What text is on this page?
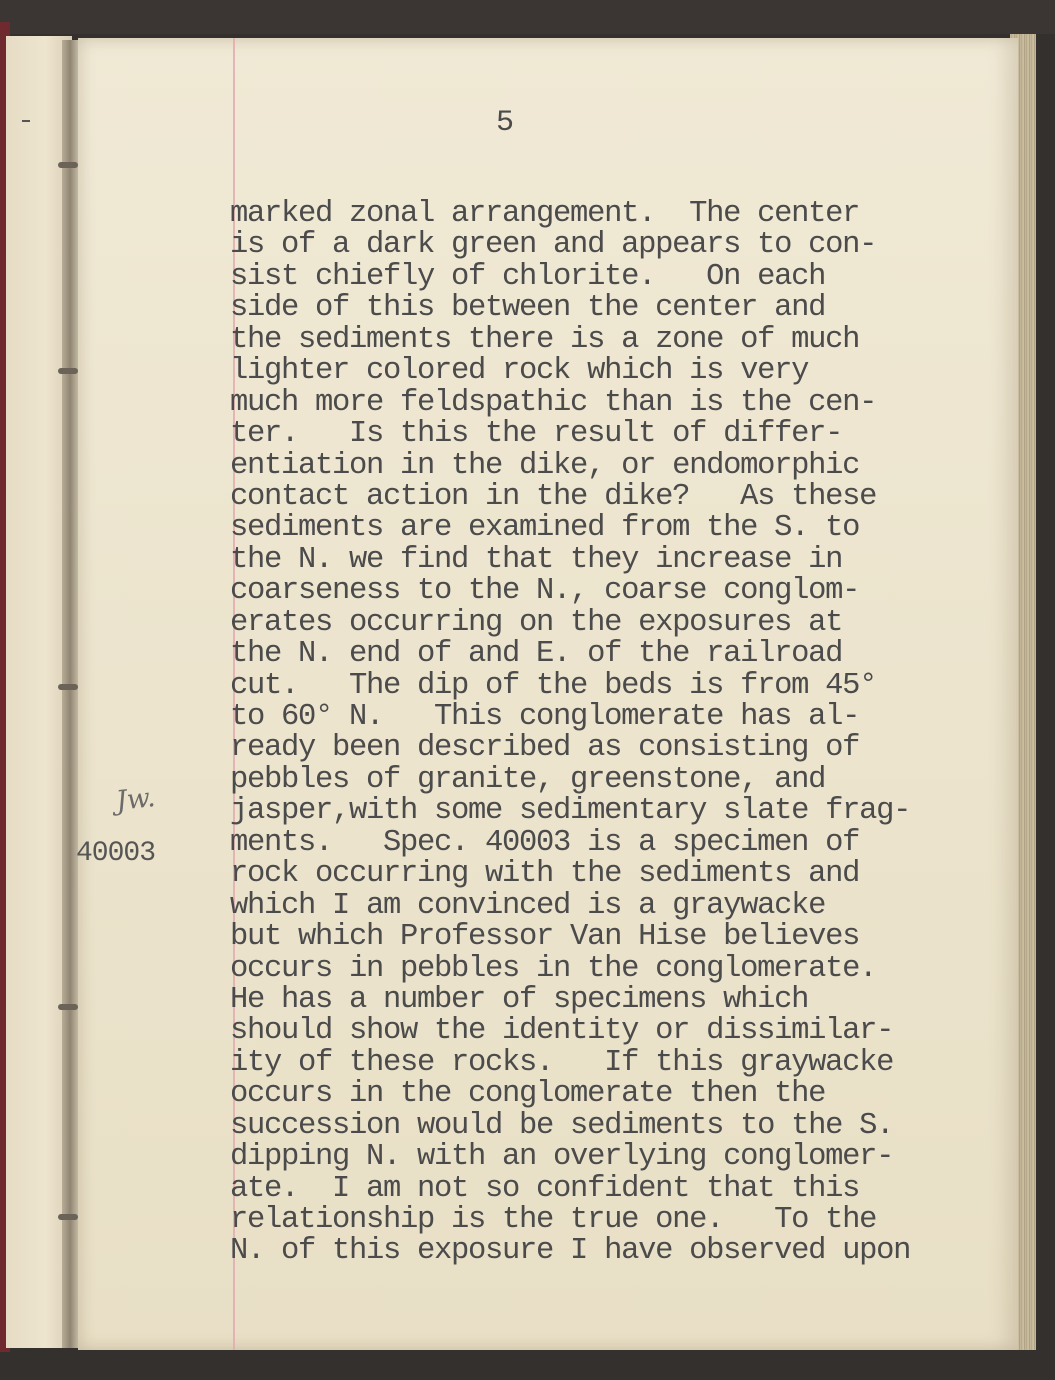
5

Jw.
40003
marked zonal arrangement.  The center
is of a dark green and appears to con-
sist chiefly of chlorite.   On each
side of this between the center and
the sediments there is a zone of much
lighter colored rock which is very
much more feldspathic than is the cen-
ter.   Is this the result of differ-
entiation in the dike, or endomorphic
contact action in the dike?   As these
sediments are examined from the S. to
the N. we find that they increase in
coarseness to the N., coarse conglom-
erates occurring on the exposures at
the N. end of and E. of the railroad
cut.   The dip of the beds is from 45°
to 60° N.   This conglomerate has al-
ready been described as consisting of
pebbles of granite, greenstone, and
jasper,with some sedimentary slate frag-
ments.   Spec. 40003 is a specimen of
rock occurring with the sediments and
which I am convinced is a graywacke
but which Professor Van Hise believes
occurs in pebbles in the conglomerate.
He has a number of specimens which
should show the identity or dissimilar-
ity of these rocks.   If this graywacke
occurs in the conglomerate then the
succession would be sediments to the S.
dipping N. with an overlying conglomer-
ate.  I am not so confident that this
relationship is the true one.   To the
N. of this exposure I have observed upon
